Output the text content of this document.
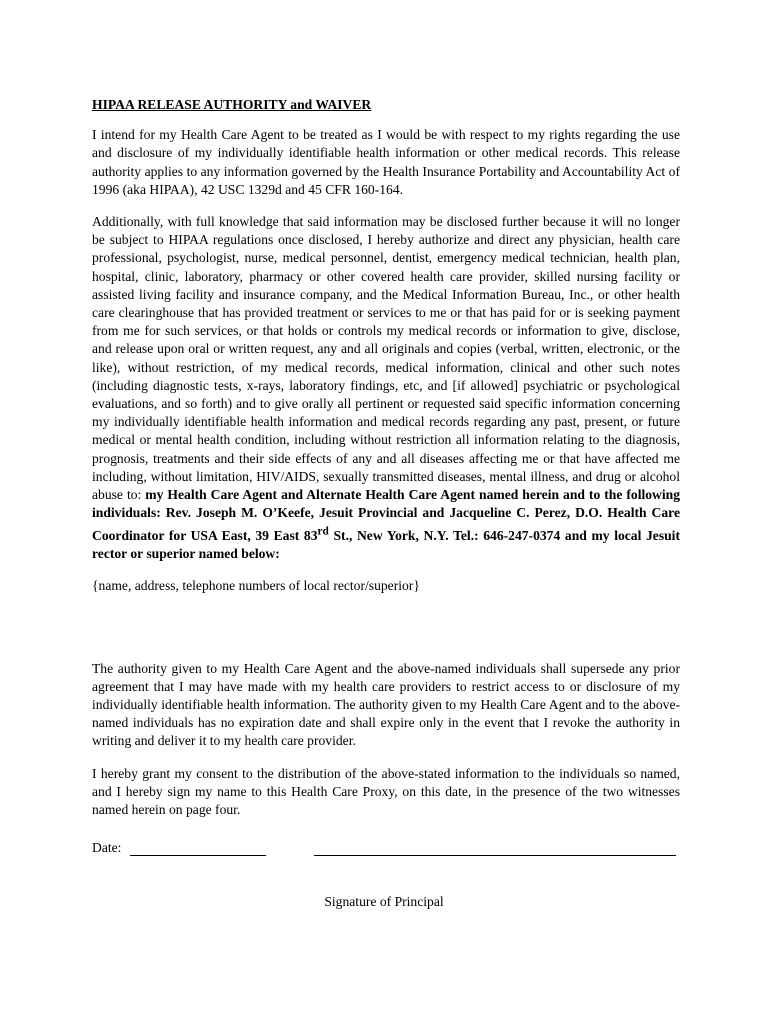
HIPAA RELEASE AUTHORITY and WAIVER

I intend for my Health Care Agent to be treated as I would be with respect to my rights regarding the use and disclosure of my individually identifiable health information or other medical records. This release authority applies to any information governed by the Health Insurance Portability and Accountability Act of 1996 (aka HIPAA), 42 USC 1329d and 45 CFR 160-164.

Additionally, with full knowledge that said information may be disclosed further because it will no longer be subject to HIPAA regulations once disclosed, I hereby authorize and direct any physician, health care professional, psychologist, nurse, medical personnel, dentist, emergency medical technician, health plan, hospital, clinic, laboratory, pharmacy or other covered health care provider, skilled nursing facility or assisted living facility and insurance company, and the Medical Information Bureau, Inc., or other health care clearinghouse that has provided treatment or services to me or that has paid for or is seeking payment from me for such services, or that holds or controls my medical records or information to give, disclose, and release upon oral or written request, any and all originals and copies (verbal, written, electronic, or the like), without restriction, of my medical records, medical information, clinical and other such notes (including diagnostic tests, x-rays, laboratory findings, etc, and [if allowed] psychiatric or psychological evaluations, and so forth) and to give orally all pertinent or requested said specific information concerning my individually identifiable health information and medical records regarding any past, present, or future medical or mental health condition, including without restriction all information relating to the diagnosis, prognosis, treatments and their side effects of any and all diseases affecting me or that have affected me including, without limitation, HIV/AIDS, sexually transmitted diseases, mental illness, and drug or alcohol abuse to: my Health Care Agent and Alternate Health Care Agent named herein and to the following individuals: Rev. Joseph M. O’Keefe, Jesuit Provincial and Jacqueline C. Perez, D.O. Health Care Coordinator for USA East, 39 East 83rd St., New York, N.Y. Tel.: 646-247-0374 and my local Jesuit rector or superior named below:

{name, address, telephone numbers of local rector/superior}

The authority given to my Health Care Agent and the above-named individuals shall supersede any prior agreement that I may have made with my health care providers to restrict access to or disclosure of my individually identifiable health information. The authority given to my Health Care Agent and to the above-named individuals has no expiration date and shall expire only in the event that I revoke the authority in writing and deliver it to my health care provider.

I hereby grant my consent to the distribution of the above-stated information to the individuals so named, and I hereby sign my name to this Health Care Proxy, on this date, in the presence of the two witnesses named herein on page four.

Date:
Signature of Principal
